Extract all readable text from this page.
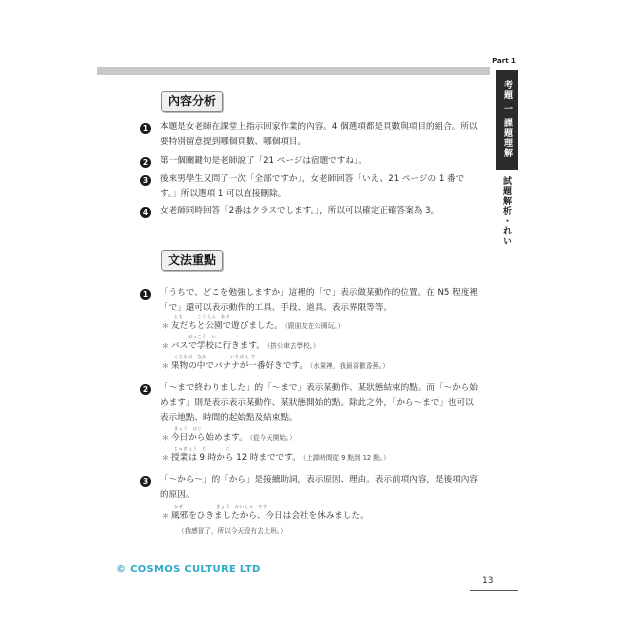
Part 1
考題 一 課題理解
試題解析・れい
內容分析
1	本題是女老師在課堂上指示回家作業的內容。4 個選項都是頁數與項目的組合。所以要特別留意提到哪個頁數、哪個項目。
2	第一個關鍵句是老師說了「21 ページは宿題ですね」。
3	後來男學生又問了一次「全部ですか」，女老師回答「いえ、21 ページの 1 番です。」所以選項 1 可以直接刪除。
4	女老師同時回答「2番はクラスでします。」，所以可以確定正確答案為 3。
文法重點
1	「うちで、どこを勉強しますか」這裡的「で」表示做某動作的位置。在 N5 程度裡「で」還可以表示動作的工具、手段、道具、表示界限等等。
とも　　　こうえん　あそ
＊ 友だちと公園で遊びました。 （跟朋友在公園玩。）
　　　がっこう　い
＊ バスで学校に行きます。 （搭公車去學校。）
くだもの　なか　　　　　いちばん す
＊ 果物の中でバナナが一番好きです。 （水果裡，我最喜歡香蕉。）
2	「～まで終わりました」的「～まで」表示某動作、某狀態結束的點。而「～から始めます」則是表示表示某動作、某狀態開始的點。除此之外，「から～まで」也可以表示地點、時間的起始點及結束點。
きょう　はじ
＊ 今日から始めます。 （從今天開始。）
じゅぎょう　じ　　　　じ
＊ 授業は 9 時から 12 時までです。 （上課時間從 9 點到 12 點。）
3	「～から～」的「から」是接續助詞，表示原因、理由。表示前項內容，是後項內容的原因。
かぜ　　　　　　　きょう　かいしゃ　やす
＊ 風邪をひきましたから、今日は会社を休みました。
（我感冒了，所以今天沒有去上班。）
© COSMOS CULTURE LTD
13
